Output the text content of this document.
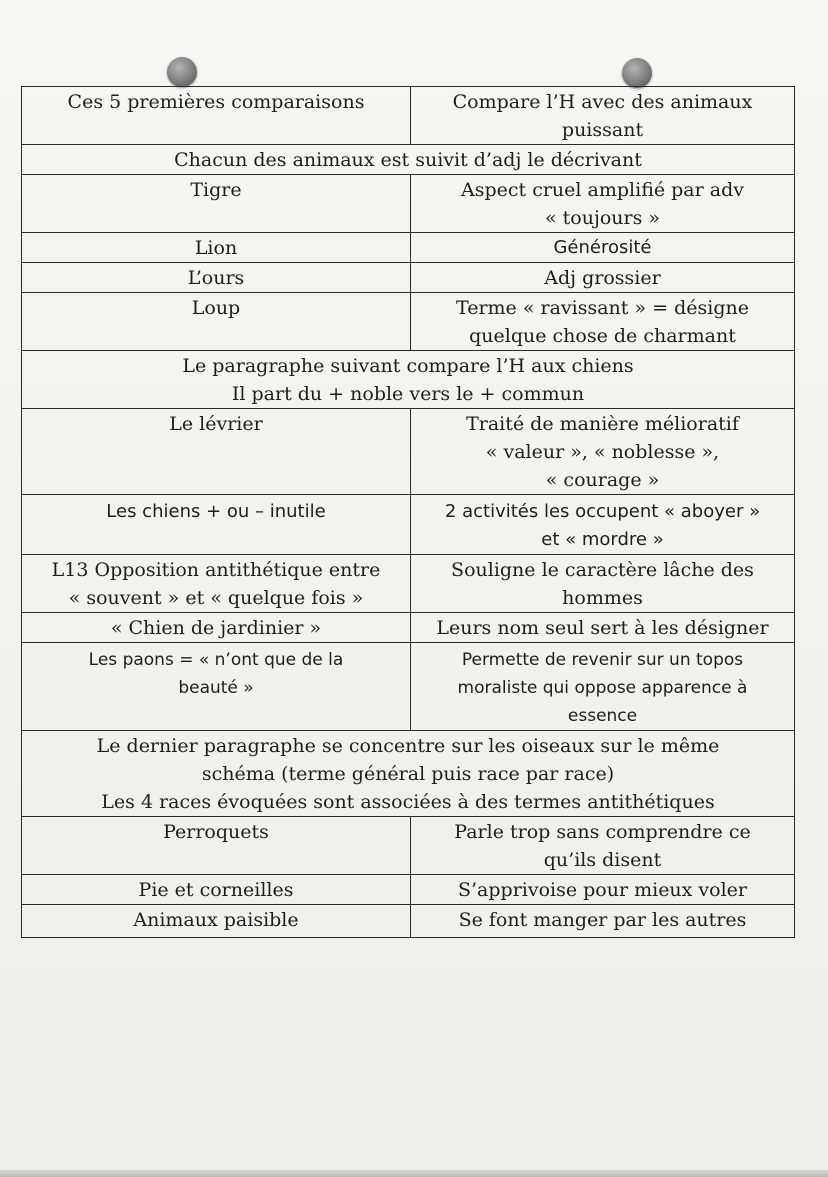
Ces 5 premières comparaisons	Compare l’H avec des animaux
puissant
Chacun des animaux est suivit d’adj le décrivant	
Tigre	Aspect cruel amplifié par adv
« toujours »
Lion	Générosité
L’ours	Adj grossier
Loup	Terme « ravissant » = désigne
quelque chose de charmant
Le paragraphe suivant compare l’H aux chiens
Il part du + noble vers le + commun	
Le lévrier	Traité de manière mélioratif
« valeur », « noblesse »,
« courage »
Les chiens + ou – inutile	2 activités les occupent « aboyer »
et « mordre »
L13 Opposition antithétique entre
« souvent » et « quelque fois »	Souligne le caractère lâche des
hommes
« Chien de jardinier »	Leurs nom seul sert à les désigner
Les paons = « n’ont que de la
beauté »	Permette de revenir sur un topos
moraliste qui oppose apparence à
essence
Le dernier paragraphe se concentre sur les oiseaux sur le même
schéma (terme général puis race par race)
Les 4 races évoquées sont associées à des termes antithétiques	
Perroquets	Parle trop sans comprendre ce
qu’ils disent
Pie et corneilles	S’apprivoise pour mieux voler
Animaux paisible	Se font manger par les autres
